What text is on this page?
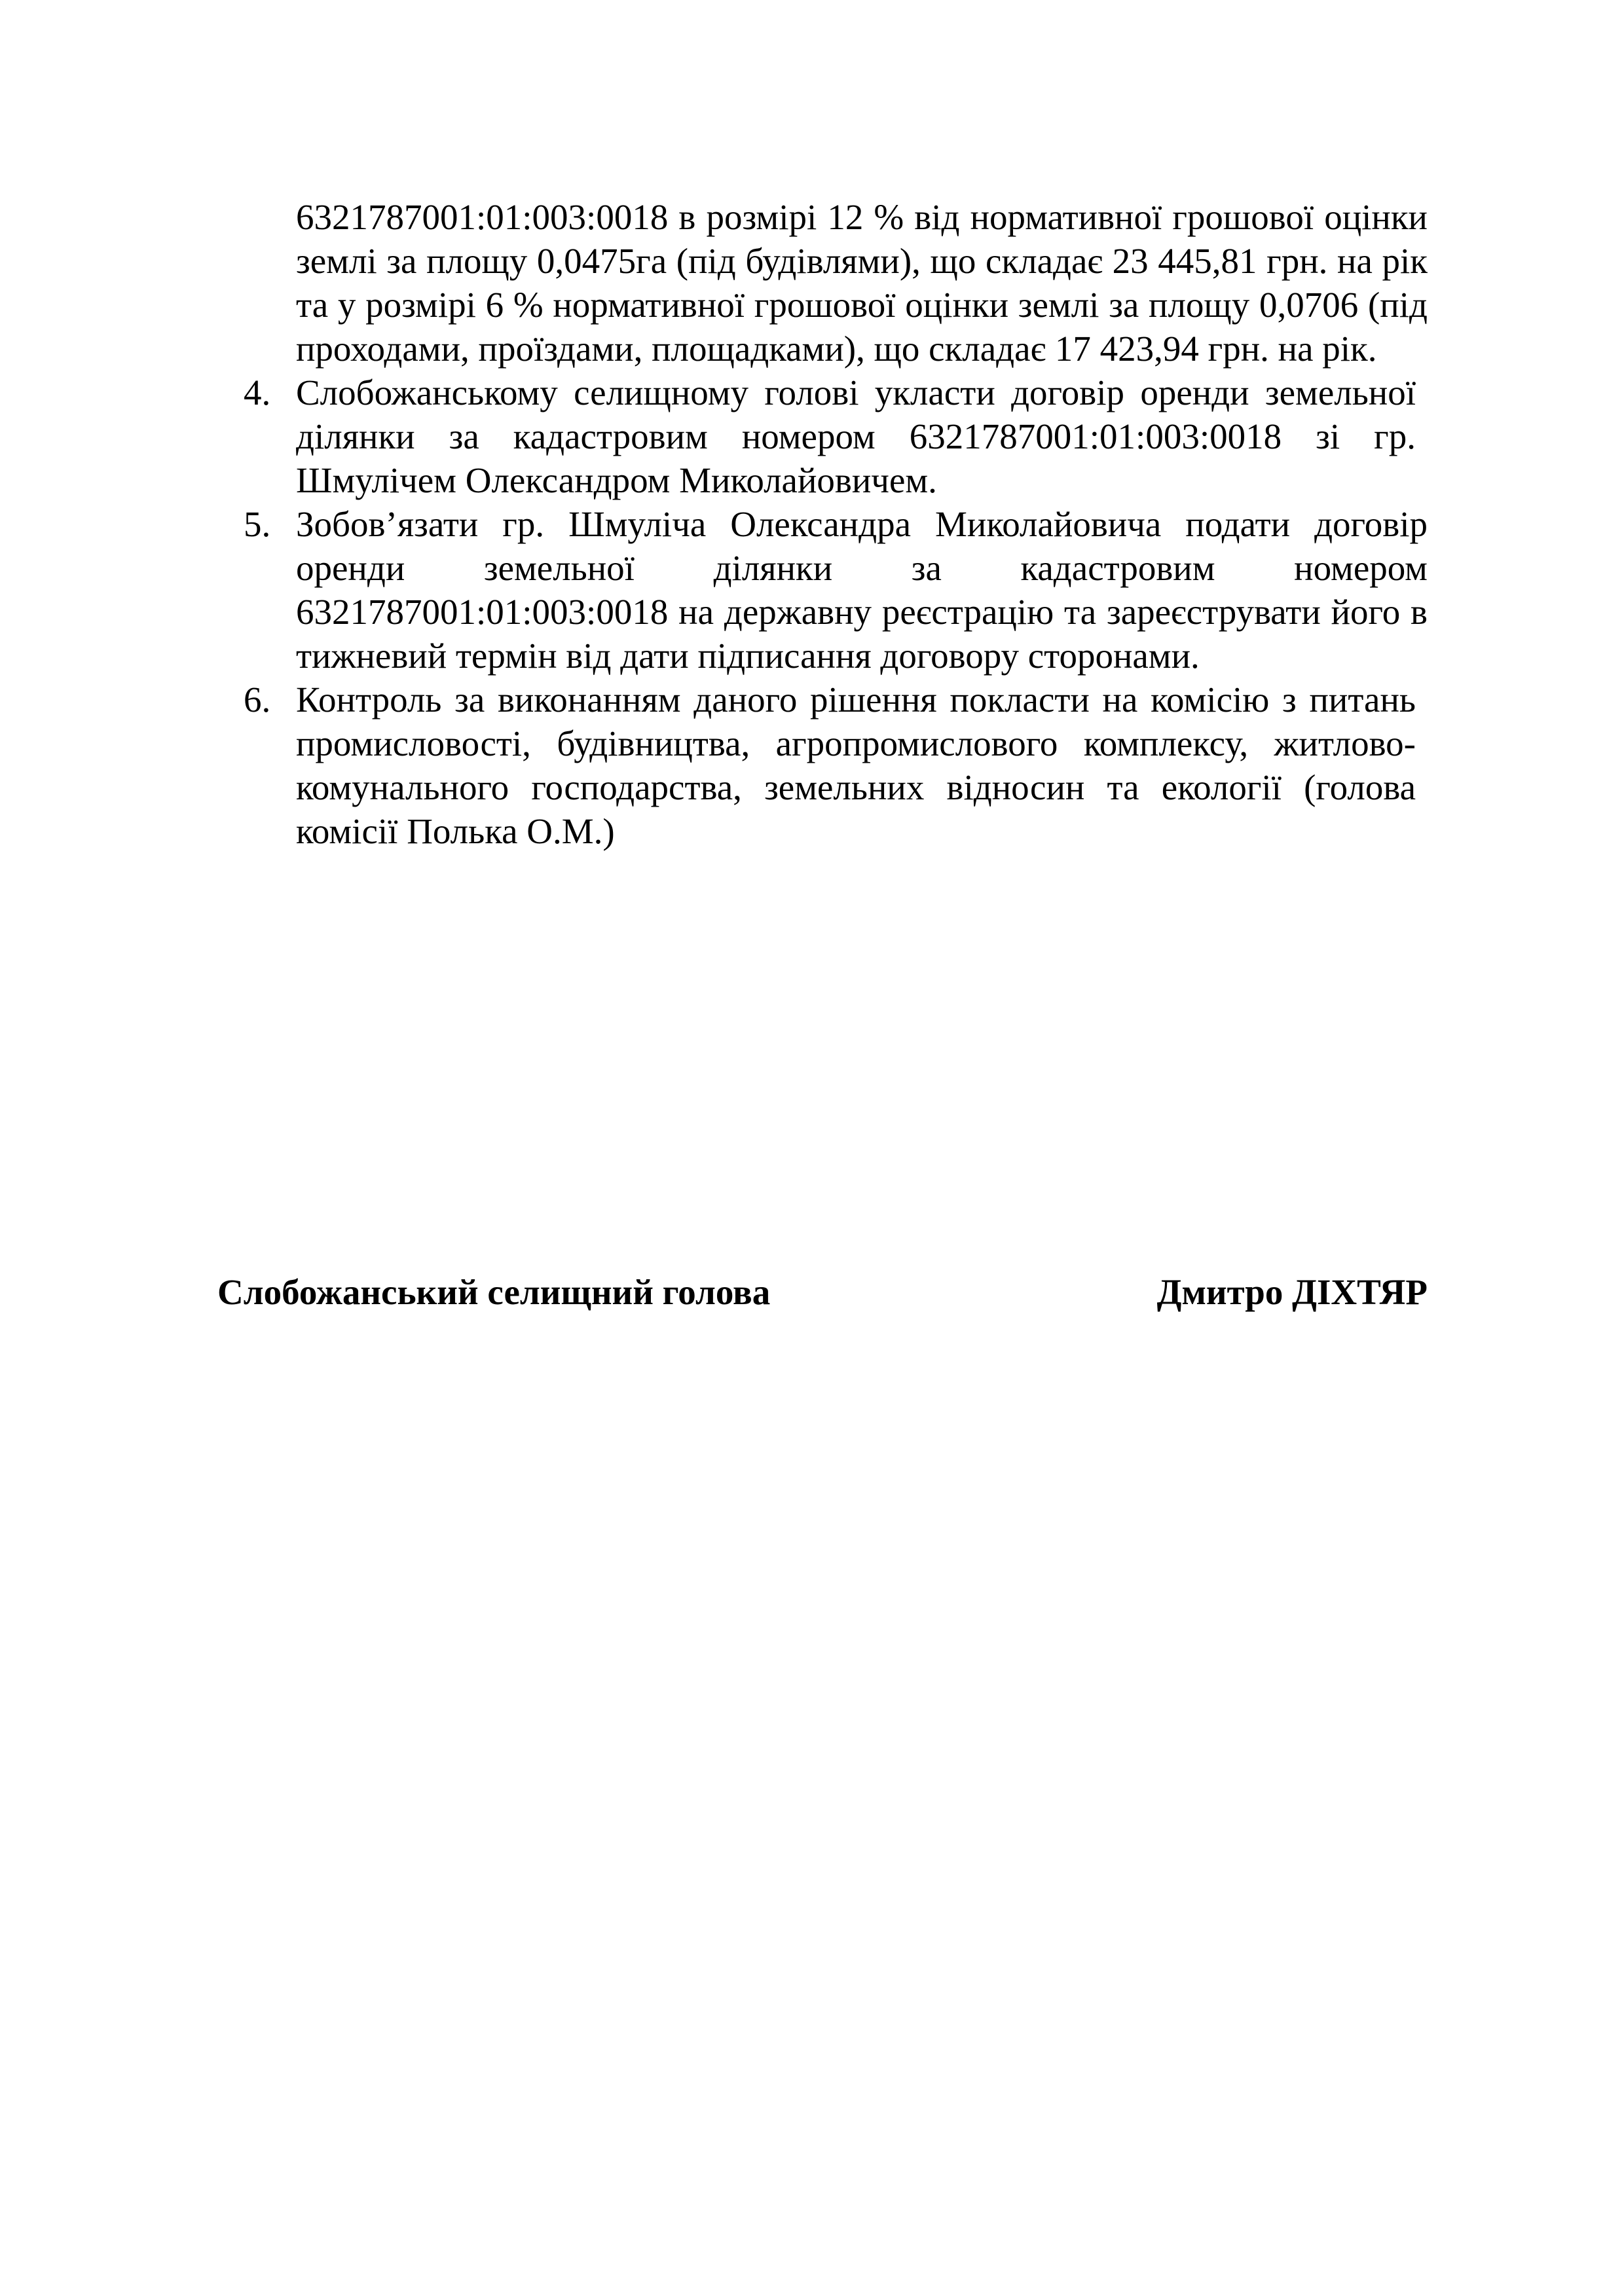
6321787001:01:003:0018 в розмірі 12 % від нормативної грошової оцінки землі за площу 0,0475га (під будівлями), що складає 23 445,81 грн. на рік та у розмірі 6 % нормативної грошової оцінки землі за площу 0,0706 (під проходами, проїздами, площадками), що складає 17 423,94 грн. на рік.
4. Слобожанському селищному голові укласти договір оренди земельної ділянки за кадастровим номером 6321787001:01:003:0018 зі гр. Шмулічем Олександром Миколайовичем.
5. Зобов’язати гр. Шмуліча Олександра Миколайовича подати договір оренди земельної ділянки за кадастровим номером 6321787001:01:003:0018 на державну реєстрацію та зареєструвати його в тижневий термін від дати підписання договору сторонами.
6. Контроль за виконанням даного рішення покласти на комісію з питань промисловості, будівництва, агропромислового комплексу, житлово-комунального господарства, земельних відносин та екології (голова комісії Полька О.М.)
Слобожанський селищний голова	Дмитро ДІХТЯР
